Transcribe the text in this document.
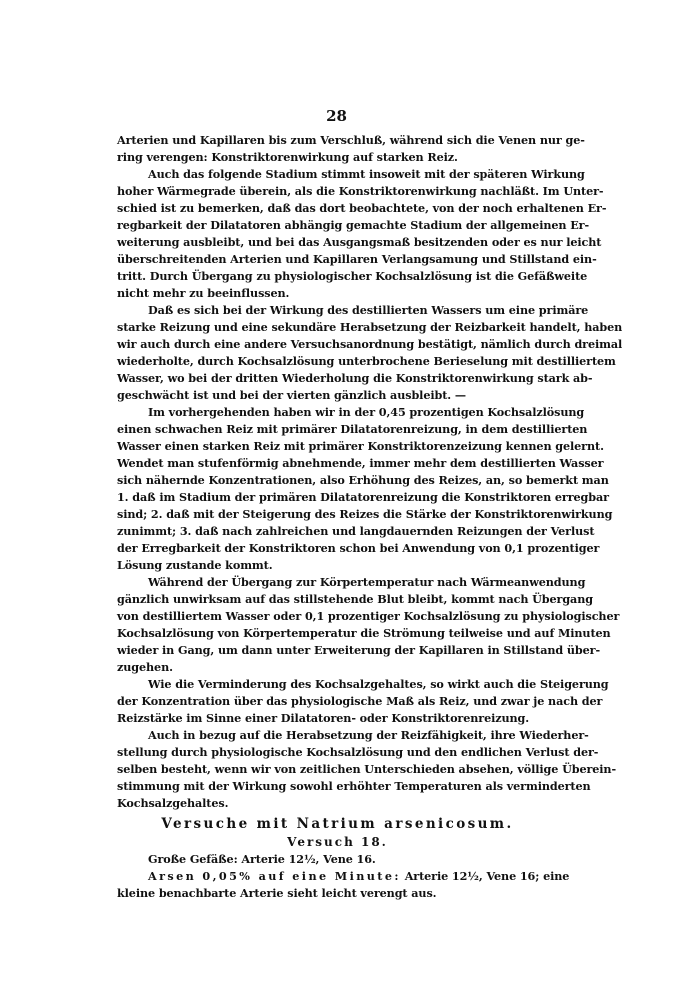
28
Arterien und Kapillaren bis zum Verschluß, während sich die Venen nur ge-
ring verengen: Konstriktorenwirkung auf starken Reiz.
Auch das folgende Stadium stimmt insoweit mit der späteren Wirkung
hoher Wärmegrade überein, als die Konstriktorenwirkung nachläßt. Im Unter-
schied ist zu bemerken, daß das dort beobachtete, von der noch erhaltenen Er-
regbarkeit der Dilatatoren abhängig gemachte Stadium der allgemeinen Er-
weiterung ausbleibt, und bei das Ausgangsmaß besitzenden oder es nur leicht
überschreitenden Arterien und Kapillaren Verlangsamung und Stillstand ein-
tritt. Durch Übergang zu physiologischer Kochsalzlösung ist die Gefäßweite
nicht mehr zu beeinflussen.
Daß es sich bei der Wirkung des destillierten Wassers um eine primäre
starke Reizung und eine sekundäre Herabsetzung der Reizbarkeit handelt, haben
wir auch durch eine andere Versuchsanordnung bestätigt, nämlich durch dreimal
wiederholte, durch Kochsalzlösung unterbrochene Berieselung mit destilliertem
Wasser, wo bei der dritten Wiederholung die Konstriktorenwirkung stark ab-
geschwächt ist und bei der vierten gänzlich ausbleibt. —
Im vorhergehenden haben wir in der 0,45 prozentigen Kochsalzlösung
einen schwachen Reiz mit primärer Dilatatorenreizung, in dem destillierten
Wasser einen starken Reiz mit primärer Konstriktorenzeizung kennen gelernt.
Wendet man stufenförmig abnehmende, immer mehr dem destillierten Wasser
sich nähernde Konzentrationen, also Erhöhung des Reizes, an, so bemerkt man
1. daß im Stadium der primären Dilatatorenreizung die Konstriktoren erregbar
sind; 2. daß mit der Steigerung des Reizes die Stärke der Konstriktorenwirkung
zunimmt; 3. daß nach zahlreichen und langdauernden Reizungen der Verlust
der Erregbarkeit der Konstriktoren schon bei Anwendung von 0,1 prozentiger
Lösung zustande kommt.
Während der Übergang zur Körpertemperatur nach Wärmeanwendung
gänzlich unwirksam auf das stillstehende Blut bleibt, kommt nach Übergang
von destilliertem Wasser oder 0,1 prozentiger Kochsalzlösung zu physiologischer
Kochsalzlösung von Körpertemperatur die Strömung teilweise und auf Minuten
wieder in Gang, um dann unter Erweiterung der Kapillaren in Stillstand über-
zugehen.
Wie die Verminderung des Kochsalzgehaltes, so wirkt auch die Steigerung
der Konzentration über das physiologische Maß als Reiz, und zwar je nach der
Reizstärke im Sinne einer Dilatatoren- oder Konstriktorenreizung.
Auch in bezug auf die Herabsetzung der Reizfähigkeit, ihre Wiederher-
stellung durch physiologische Kochsalzlösung und den endlichen Verlust der-
selben besteht, wenn wir von zeitlichen Unterschieden absehen, völlige Überein-
stimmung mit der Wirkung sowohl erhöhter Temperaturen als verminderten
Kochsalzgehaltes.
Versuche mit Natrium arsenicosum.
Versuch 18.
Große Gefäße: Arterie 12½, Vene 16.
Arsen 0,05% auf eine Minute: Arterie 12½, Vene 16; eine
kleine benachbarte Arterie sieht leicht verengt aus.
